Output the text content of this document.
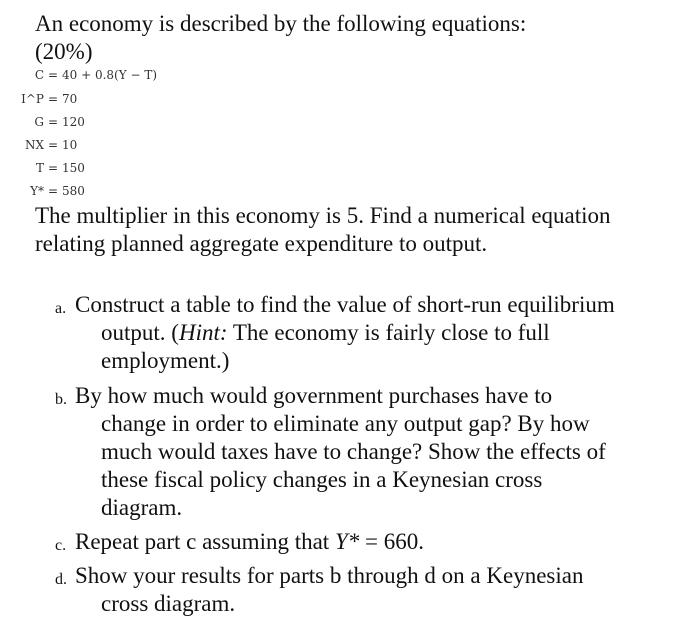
An economy is described by the following equations:
(20%)

C = 40 + 0.8(Y − T)
I^P = 70
G = 120
NX = 10
T = 150
Y* = 580

The multiplier in this economy is 5. Find a numerical equation relating planned aggregate expenditure to output.

a. Construct a table to find the value of short-run equilibrium output. (Hint: The economy is fairly close to full employment.)
b. By how much would government purchases have to change in order to eliminate any output gap? By how much would taxes have to change? Show the effects of these fiscal policy changes in a Keynesian cross diagram.
c. Repeat part c assuming that Y* = 660.
d. Show your results for parts b through d on a Keynesian cross diagram.
